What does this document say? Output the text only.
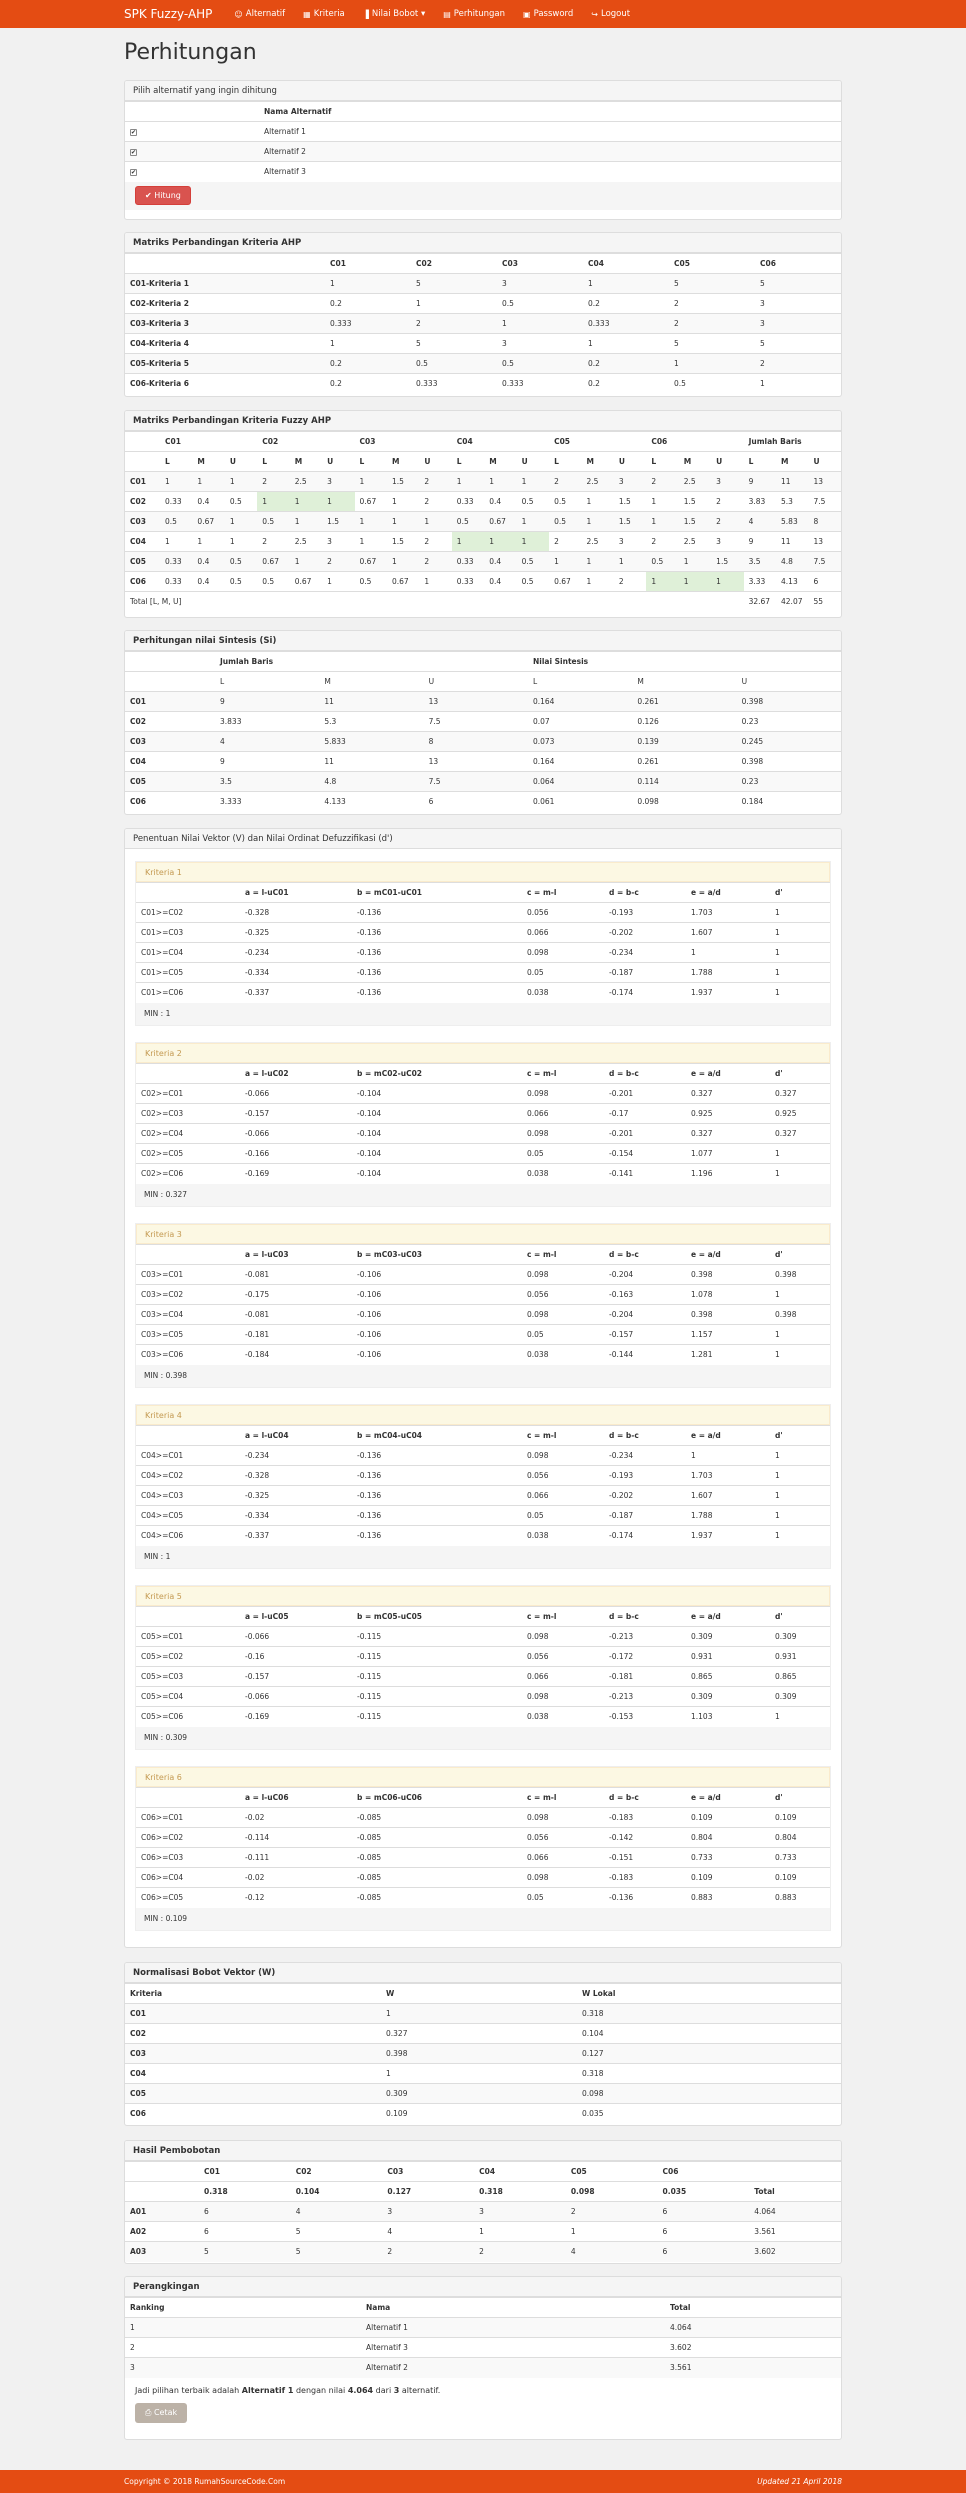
SPK Fuzzy-AHP	☺ Alternatif ▦ Kriteria ▐ Nilai Bobot ▾ ▤ Perhitungan ▣ Password ↪ Logout
Perhitungan
Pilih alternatif yang ingin dihitung
	Nama Alternatif
✔	Alternatif 1
✔	Alternatif 2
✔	Alternatif 3
✔ Hitung
Matriks Perbandingan Kriteria AHP
	C01	C02	C03	C04	C05	C06
C01-Kriteria 1	1	5	3	1	5	5
C02-Kriteria 2	0.2	1	0.5	0.2	2	3
C03-Kriteria 3	0.333	2	1	0.333	2	3
C04-Kriteria 4	1	5	3	1	5	5
C05-Kriteria 5	0.2	0.5	0.5	0.2	1	2
C06-Kriteria 6	0.2	0.333	0.333	0.2	0.5	1
Matriks Perbandingan Kriteria Fuzzy AHP
	C01			C02			C03			C04			C05			C06			Jumlah Baris		
	L	M	U	L	M	U	L	M	U	L	M	U	L	M	U	L	M	U	L	M	U
C01	1	1	1	2	2.5	3	1	1.5	2	1	1	1	2	2.5	3	2	2.5	3	9	11	13
C02	0.33	0.4	0.5	1	1	1	0.67	1	2	0.33	0.4	0.5	0.5	1	1.5	1	1.5	2	3.83	5.3	7.5
C03	0.5	0.67	1	0.5	1	1.5	1	1	1	0.5	0.67	1	0.5	1	1.5	1	1.5	2	4	5.83	8
C04	1	1	1	2	2.5	3	1	1.5	2	1	1	1	2	2.5	3	2	2.5	3	9	11	13
C05	0.33	0.4	0.5	0.67	1	2	0.67	1	2	0.33	0.4	0.5	1	1	1	0.5	1	1.5	3.5	4.8	7.5
C06	0.33	0.4	0.5	0.5	0.67	1	0.5	0.67	1	0.33	0.4	0.5	0.67	1	2	1	1	1	3.33	4.13	6
Total [L, M, U]																			32.67	42.07	55
Perhitungan nilai Sintesis (Si)
	Jumlah Baris			Nilai Sintesis		
	L	M	U	L	M	U
C01	9	11	13	0.164	0.261	0.398
C02	3.833	5.3	7.5	0.07	0.126	0.23
C03	4	5.833	8	0.073	0.139	0.245
C04	9	11	13	0.164	0.261	0.398
C05	3.5	4.8	7.5	0.064	0.114	0.23
C06	3.333	4.133	6	0.061	0.098	0.184
Penentuan Nilai Vektor (V) dan Nilai Ordinat Defuzzifikasi (d')
Kriteria 1
	a = l-uC01	b = mC01-uC01	c = m-l	d = b-c	e = a/d	d'
C01>=C02	-0.328	-0.136	0.056	-0.193	1.703	1
C01>=C03	-0.325	-0.136	0.066	-0.202	1.607	1
C01>=C04	-0.234	-0.136	0.098	-0.234	1	1
C01>=C05	-0.334	-0.136	0.05	-0.187	1.788	1
C01>=C06	-0.337	-0.136	0.038	-0.174	1.937	1
MIN : 1
Kriteria 2
	a = l-uC02	b = mC02-uC02	c = m-l	d = b-c	e = a/d	d'
C02>=C01	-0.066	-0.104	0.098	-0.201	0.327	0.327
C02>=C03	-0.157	-0.104	0.066	-0.17	0.925	0.925
C02>=C04	-0.066	-0.104	0.098	-0.201	0.327	0.327
C02>=C05	-0.166	-0.104	0.05	-0.154	1.077	1
C02>=C06	-0.169	-0.104	0.038	-0.141	1.196	1
MIN : 0.327
Kriteria 3
	a = l-uC03	b = mC03-uC03	c = m-l	d = b-c	e = a/d	d'
C03>=C01	-0.081	-0.106	0.098	-0.204	0.398	0.398
C03>=C02	-0.175	-0.106	0.056	-0.163	1.078	1
C03>=C04	-0.081	-0.106	0.098	-0.204	0.398	0.398
C03>=C05	-0.181	-0.106	0.05	-0.157	1.157	1
C03>=C06	-0.184	-0.106	0.038	-0.144	1.281	1
MIN : 0.398
Kriteria 4
	a = l-uC04	b = mC04-uC04	c = m-l	d = b-c	e = a/d	d'
C04>=C01	-0.234	-0.136	0.098	-0.234	1	1
C04>=C02	-0.328	-0.136	0.056	-0.193	1.703	1
C04>=C03	-0.325	-0.136	0.066	-0.202	1.607	1
C04>=C05	-0.334	-0.136	0.05	-0.187	1.788	1
C04>=C06	-0.337	-0.136	0.038	-0.174	1.937	1
MIN : 1
Kriteria 5
	a = l-uC05	b = mC05-uC05	c = m-l	d = b-c	e = a/d	d'
C05>=C01	-0.066	-0.115	0.098	-0.213	0.309	0.309
C05>=C02	-0.16	-0.115	0.056	-0.172	0.931	0.931
C05>=C03	-0.157	-0.115	0.066	-0.181	0.865	0.865
C05>=C04	-0.066	-0.115	0.098	-0.213	0.309	0.309
C05>=C06	-0.169	-0.115	0.038	-0.153	1.103	1
MIN : 0.309
Kriteria 6
	a = l-uC06	b = mC06-uC06	c = m-l	d = b-c	e = a/d	d'
C06>=C01	-0.02	-0.085	0.098	-0.183	0.109	0.109
C06>=C02	-0.114	-0.085	0.056	-0.142	0.804	0.804
C06>=C03	-0.111	-0.085	0.066	-0.151	0.733	0.733
C06>=C04	-0.02	-0.085	0.098	-0.183	0.109	0.109
C06>=C05	-0.12	-0.085	0.05	-0.136	0.883	0.883
MIN : 0.109
Normalisasi Bobot Vektor (W)
Kriteria	W	W Lokal
C01	1	0.318
C02	0.327	0.104
C03	0.398	0.127
C04	1	0.318
C05	0.309	0.098
C06	0.109	0.035
Hasil Pembobotan
	C01	C02	C03	C04	C05	C06	
	0.318	0.104	0.127	0.318	0.098	0.035	Total
A01	6	4	3	3	2	6	4.064
A02	6	5	4	1	1	6	3.561
A03	5	5	2	2	4	6	3.602
Perangkingan
Ranking	Nama	Total
1	Alternatif 1	4.064
2	Alternatif 3	3.602
3	Alternatif 2	3.561
Jadi pilihan terbaik adalah Alternatif 1 dengan nilai 4.064 dari 3 alternatif.
⎙ Cetak
Copyright © 2018 RumahSourceCode.Com	Updated 21 April 2018
